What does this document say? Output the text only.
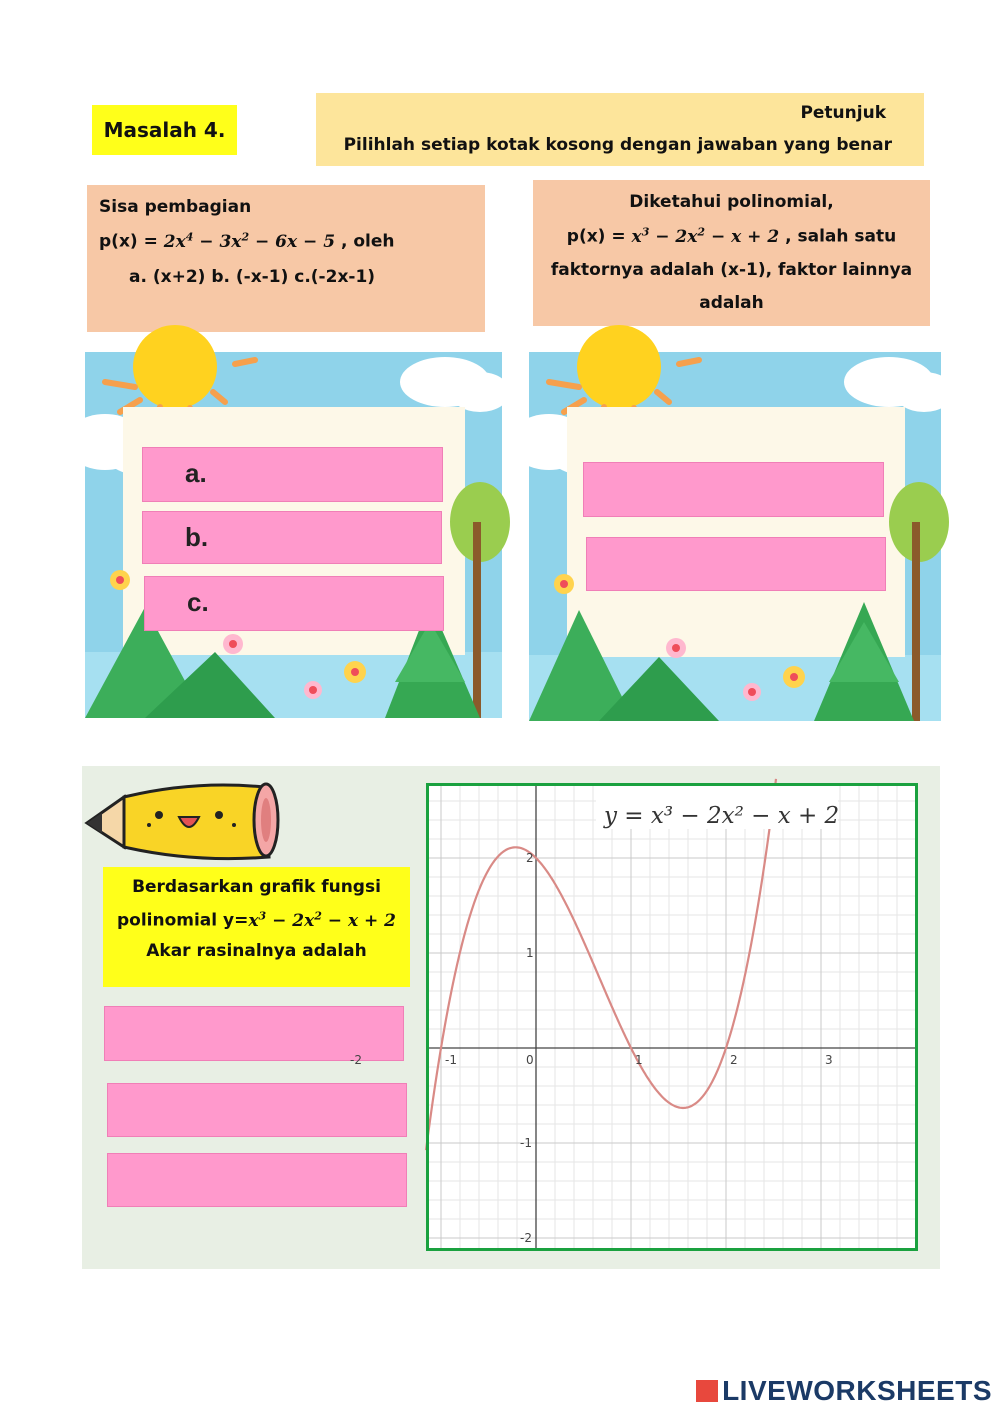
Masalah 4.
Petunjuk
Pilihlah setiap kotak kosong dengan jawaban yang benar
Sisa pembagian
$p(x) = 2x^4 - 3x^2 - 6x - 5$ , oleh
a. (x+2) b. (-x-1) c.(-2x-1)
Diketahui polinomial,
$p(x) = x^3 - 2x^2 - x + 2$ , salah satu
faktornya adalah (x-1), faktor lainnya
adalah
a.
b.
c.
Berdasarkan grafik fungsi
polinomial $y=x^3 - 2x^2 - x + 2$
Akar rasinalnya adalah
-2	-1	0	1	2	3
2
1
-1
-2
y = x³ − 2x² − x + 2
LIVEWORKSHEETS
